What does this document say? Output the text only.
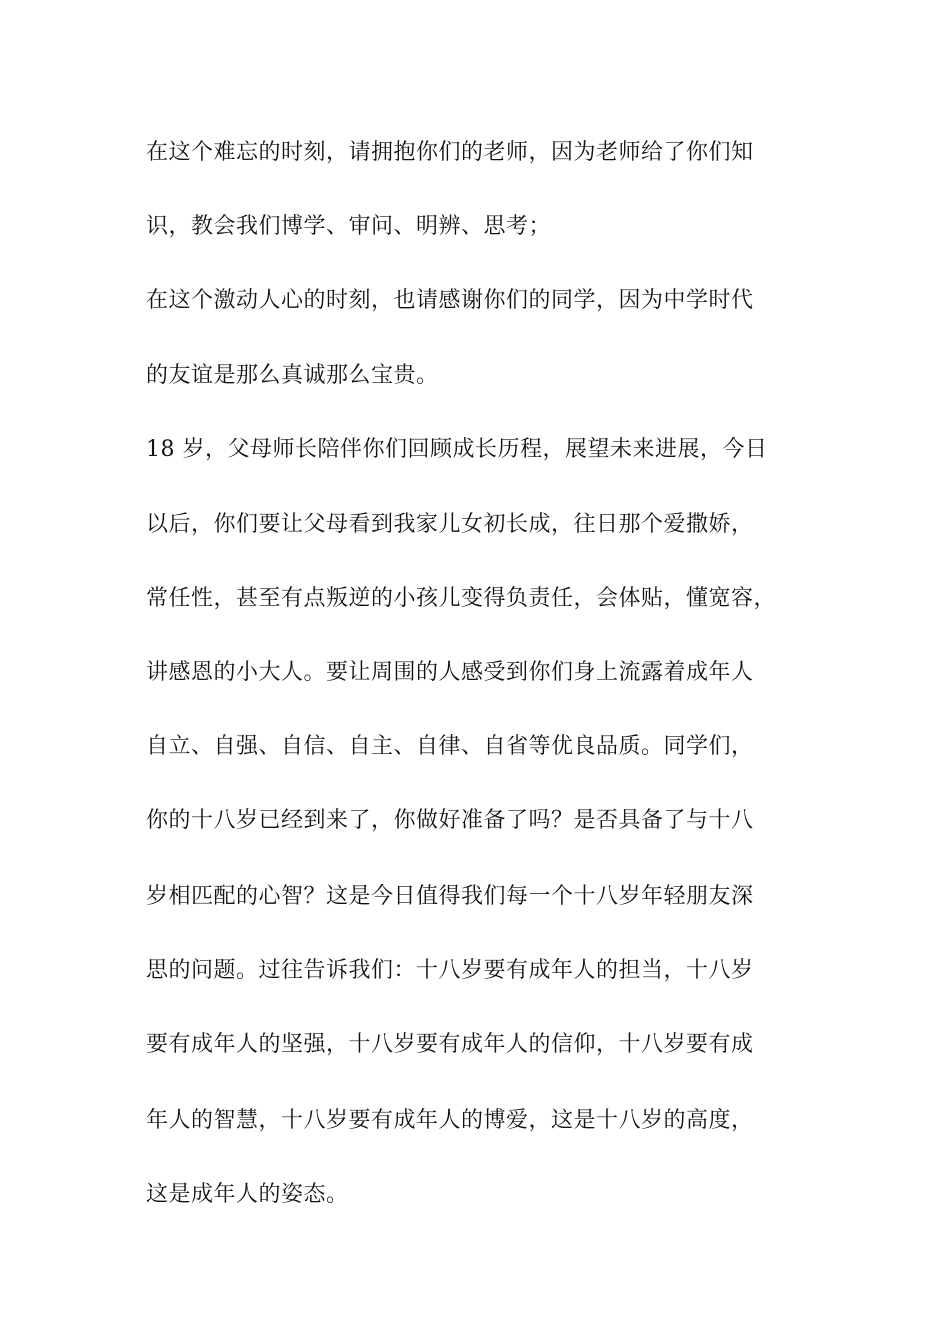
在这个难忘的时刻，请拥抱你们的老师，因为老师给了你们知
识，教会我们博学、审问、明辨、思考；
在这个激动人心的时刻，也请感谢你们的同学，因为中学时代
的友谊是那么真诚那么宝贵。
18 岁，父母师长陪伴你们回顾成长历程，展望未来进展，今日
以后，你们要让父母看到我家儿女初长成，往日那个爱撒娇，
常任性，甚至有点叛逆的小孩儿变得负责任，会体贴，懂宽容，
讲感恩的小大人。要让周围的人感受到你们身上流露着成年人
自立、自强、自信、自主、自律、自省等优良品质。同学们，
你的十八岁已经到来了，你做好准备了吗？是否具备了与十八
岁相匹配的心智？这是今日值得我们每一个十八岁年轻朋友深
思的问题。过往告诉我们：十八岁要有成年人的担当，十八岁
要有成年人的坚强，十八岁要有成年人的信仰，十八岁要有成
年人的智慧，十八岁要有成年人的博爱，这是十八岁的高度，
这是成年人的姿态。
